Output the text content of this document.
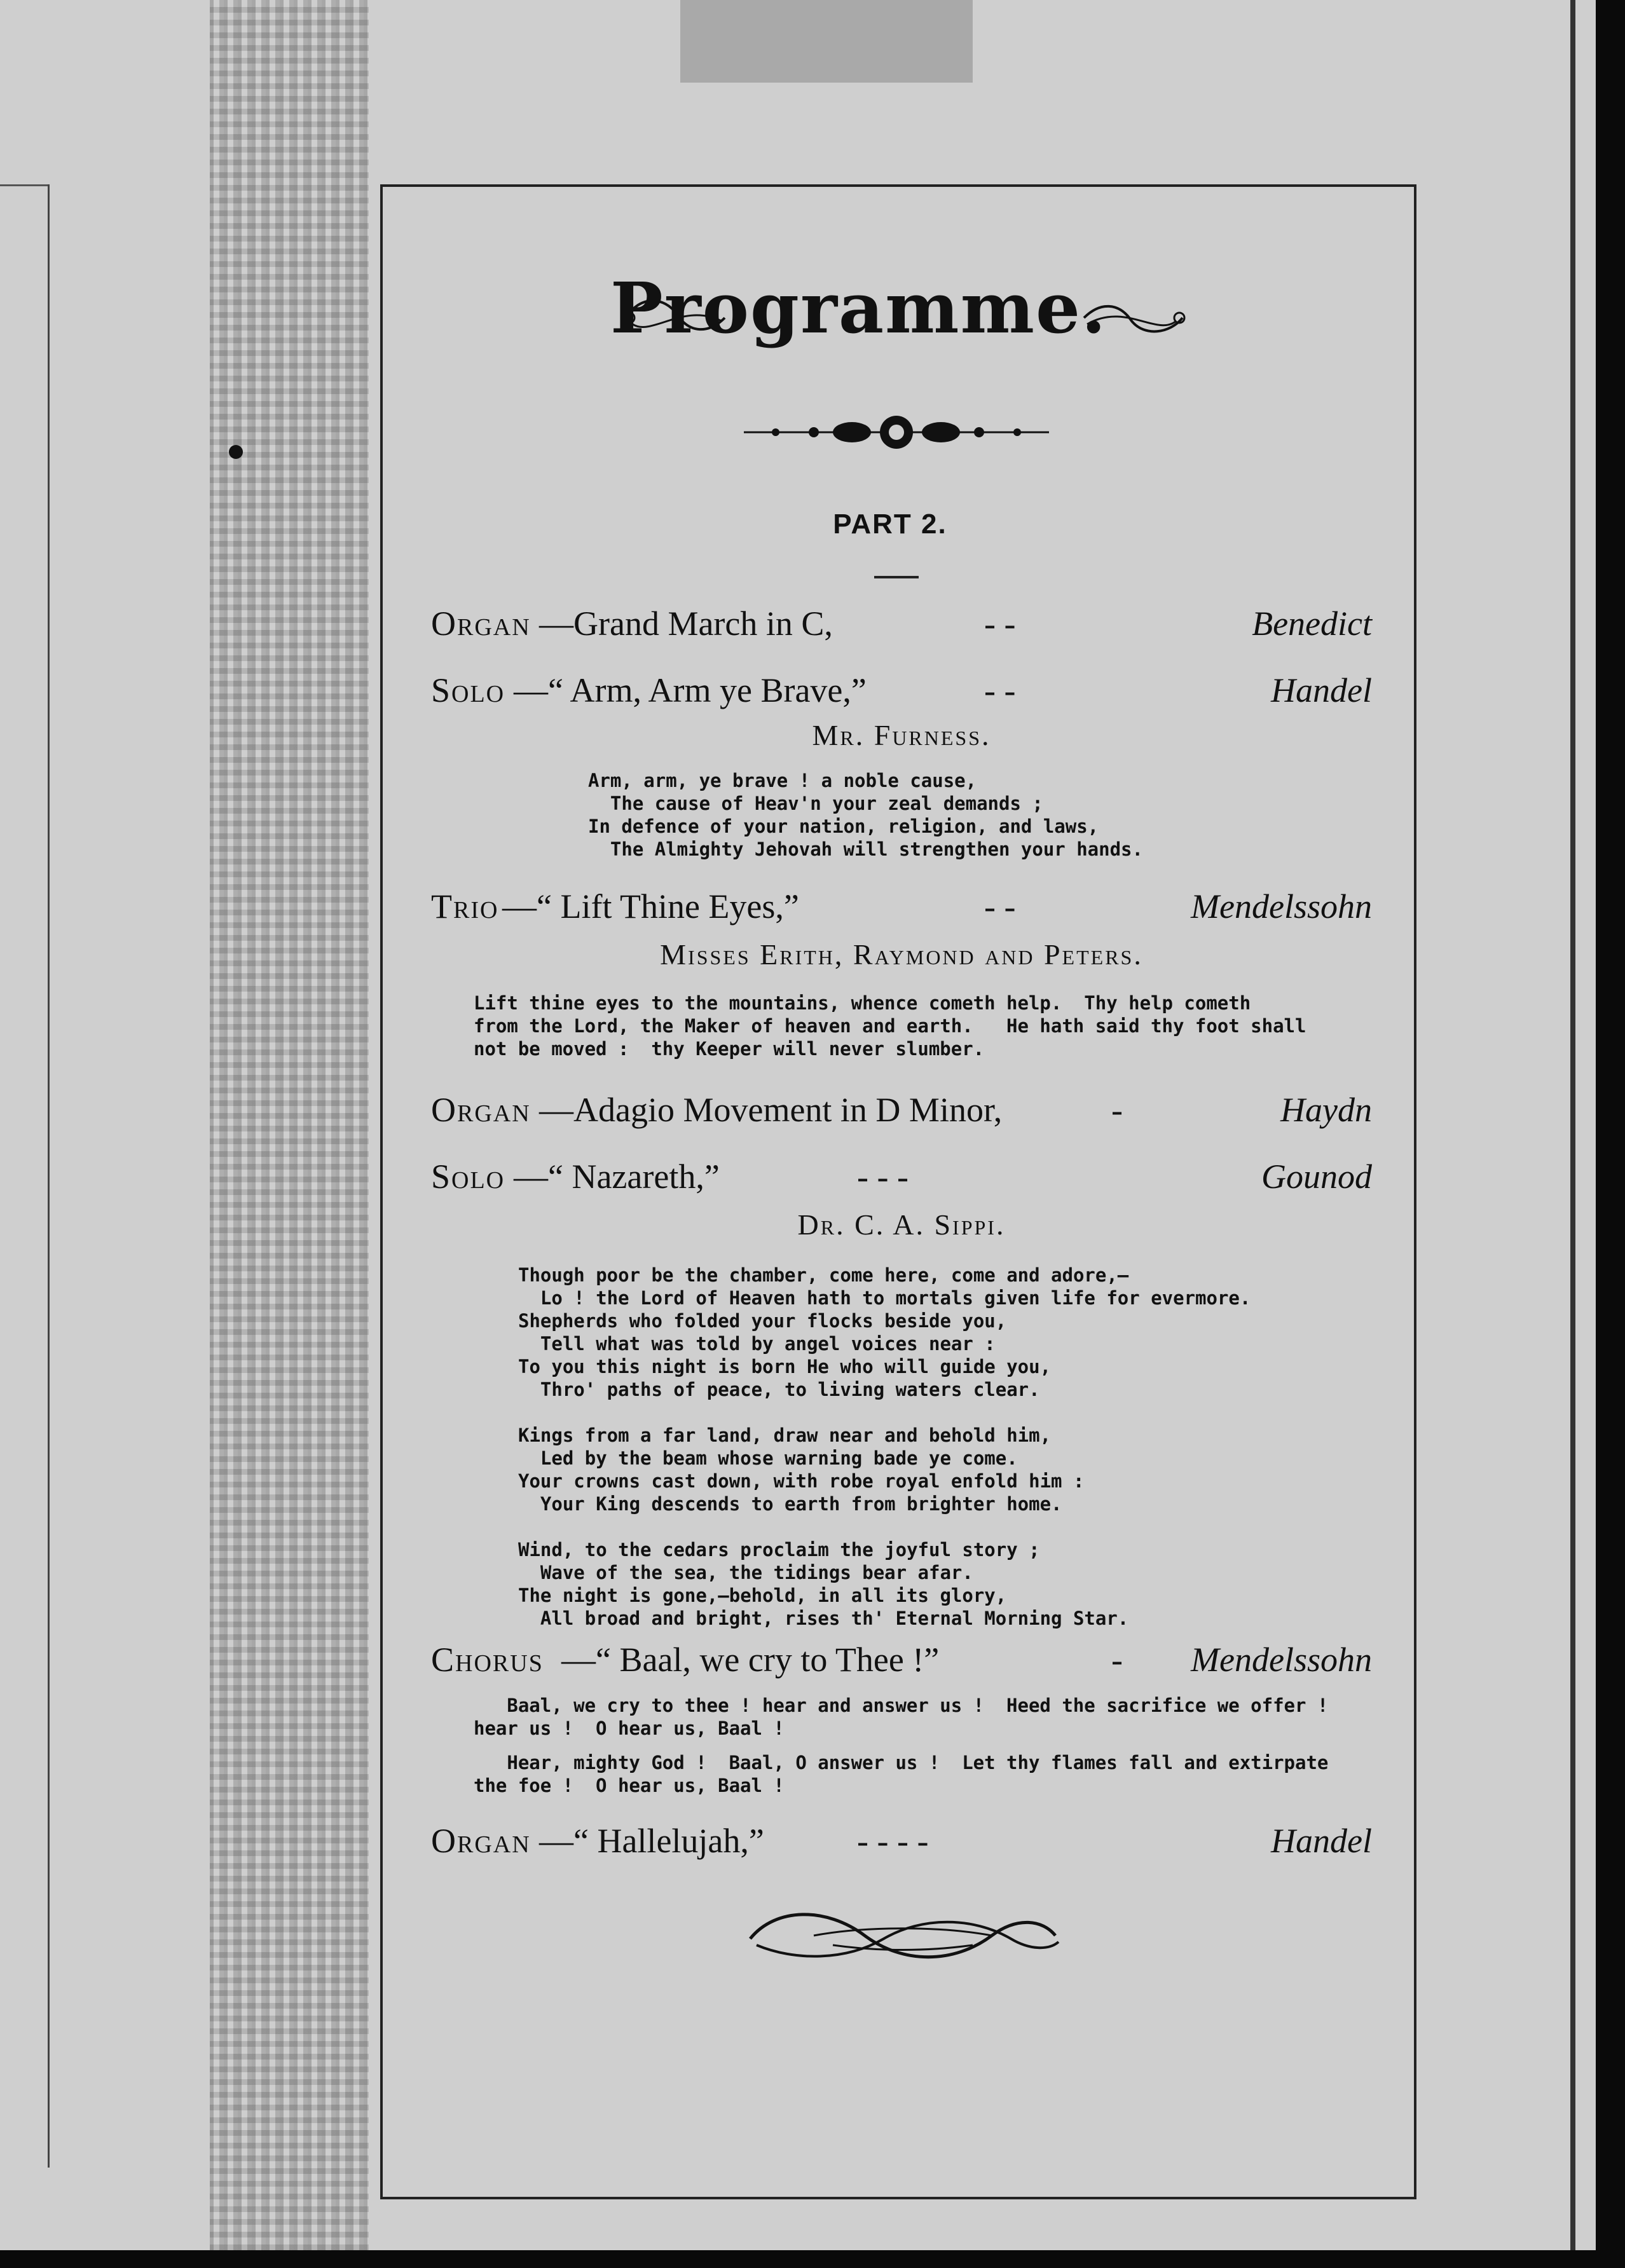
Programme.
PART 2.
Organ —Grand March in C,	- -	Benedict
Solo —“ Arm, Arm ye Brave,”	- -	Handel
Mr. Furness.
Arm, arm, ye brave ! a noble cause,
The cause of Heav'n your zeal demands ;
In defence of your nation, religion, and laws,
The Almighty Jehovah will strengthen your hands.
Trio —“ Lift Thine Eyes,”	- -	Mendelssohn
Misses Erith, Raymond and Peters.
Lift thine eyes to the mountains, whence cometh help.  Thy help cometh
from the Lord, the Maker of heaven and earth.   He hath said thy foot shall
not be moved :  thy Keeper will never slumber.
Organ —Adagio Movement in D Minor,	-	Haydn
Solo —“ Nazareth,”	- - -	Gounod
Dr. C. A. Sippi.
Though poor be the chamber, come here, come and adore,—
Lo ! the Lord of Heaven hath to mortals given life for evermore.
Shepherds who folded your flocks beside you,
Tell what was told by angel voices near :
To you this night is born He who will guide you,
Thro' paths of peace, to living waters clear.

Kings from a far land, draw near and behold him,
Led by the beam whose warning bade ye come.
Your crowns cast down, with robe royal enfold him :
Your King descends to earth from brighter home.

Wind, to the cedars proclaim the joyful story ;
Wave of the sea, the tidings bear afar.
The night is gone,—behold, in all its glory,
All broad and bright, rises th' Eternal Morning Star.
Chorus —“ Baal, we cry to Thee !”	- Mendelssohn
Baal, we cry to thee ! hear and answer us !  Heed the sacrifice we offer !
hear us !  O hear us, Baal !
Hear, mighty God !  Baal, O answer us !  Let thy flames fall and extirpate
the foe !  O hear us, Baal !
Organ —“ Hallelujah,”	- - - -	Handel
